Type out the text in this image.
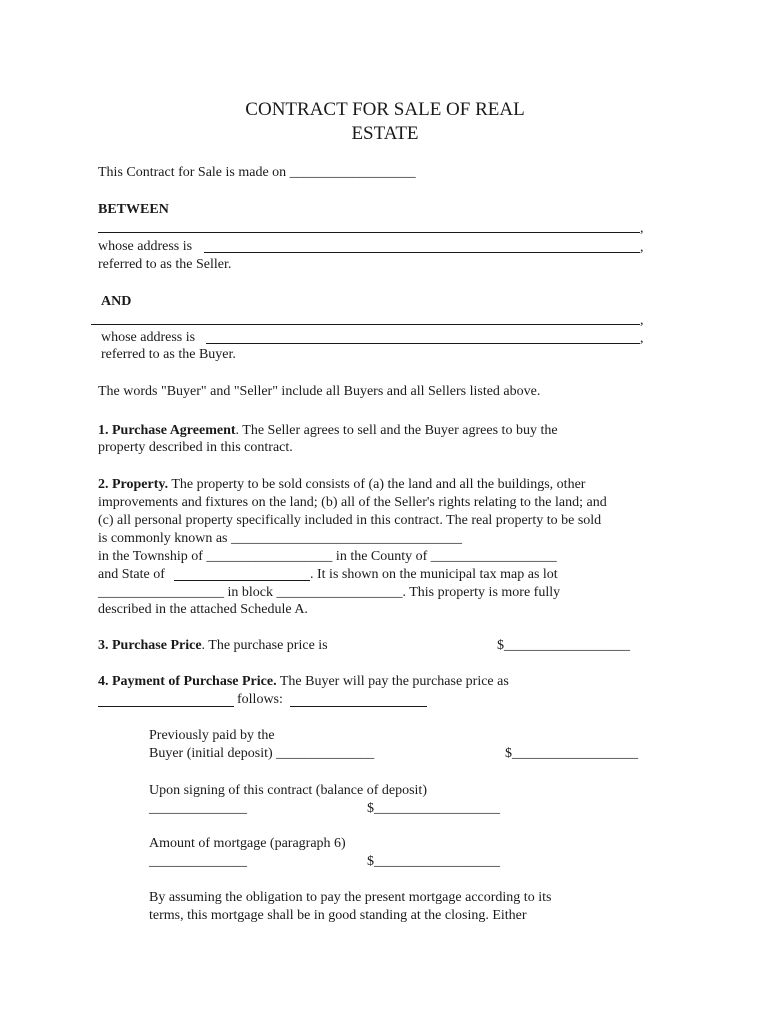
CONTRACT FOR SALE OF REAL
ESTATE
This Contract for Sale is made on __________________
BETWEEN
,
whose address is	,
referred to as the Seller.
AND
,
whose address is	,
referred to as the Buyer.
The words "Buyer" and "Seller" include all Buyers and all Sellers listed above.
1. Purchase Agreement. The Seller agrees to sell and the Buyer agrees to buy the
property described in this contract.
2. Property. The property to be sold consists of (a) the land and all the buildings, other
improvements and fixtures on the land; (b) all of the Seller's rights relating to the land; and
(c) all personal property specifically included in this contract. The real property to be sold
is commonly known as _________________________________
in the Township of __________________ in the County of __________________
and State of	. It is shown on the municipal tax map as lot
__________________ in block __________________. This property is more fully
described in the attached Schedule A.
3. Purchase Price. The purchase price is	$__________________
4. Payment of Purchase Price. The Buyer will pay the purchase price as
follows:
Previously paid by the
Buyer (initial deposit) ______________	$__________________
Upon signing of this contract (balance of deposit)
______________	$__________________
Amount of mortgage (paragraph 6)
______________	$__________________
By assuming the obligation to pay the present mortgage according to its
terms, this mortgage shall be in good standing at the closing. Either
